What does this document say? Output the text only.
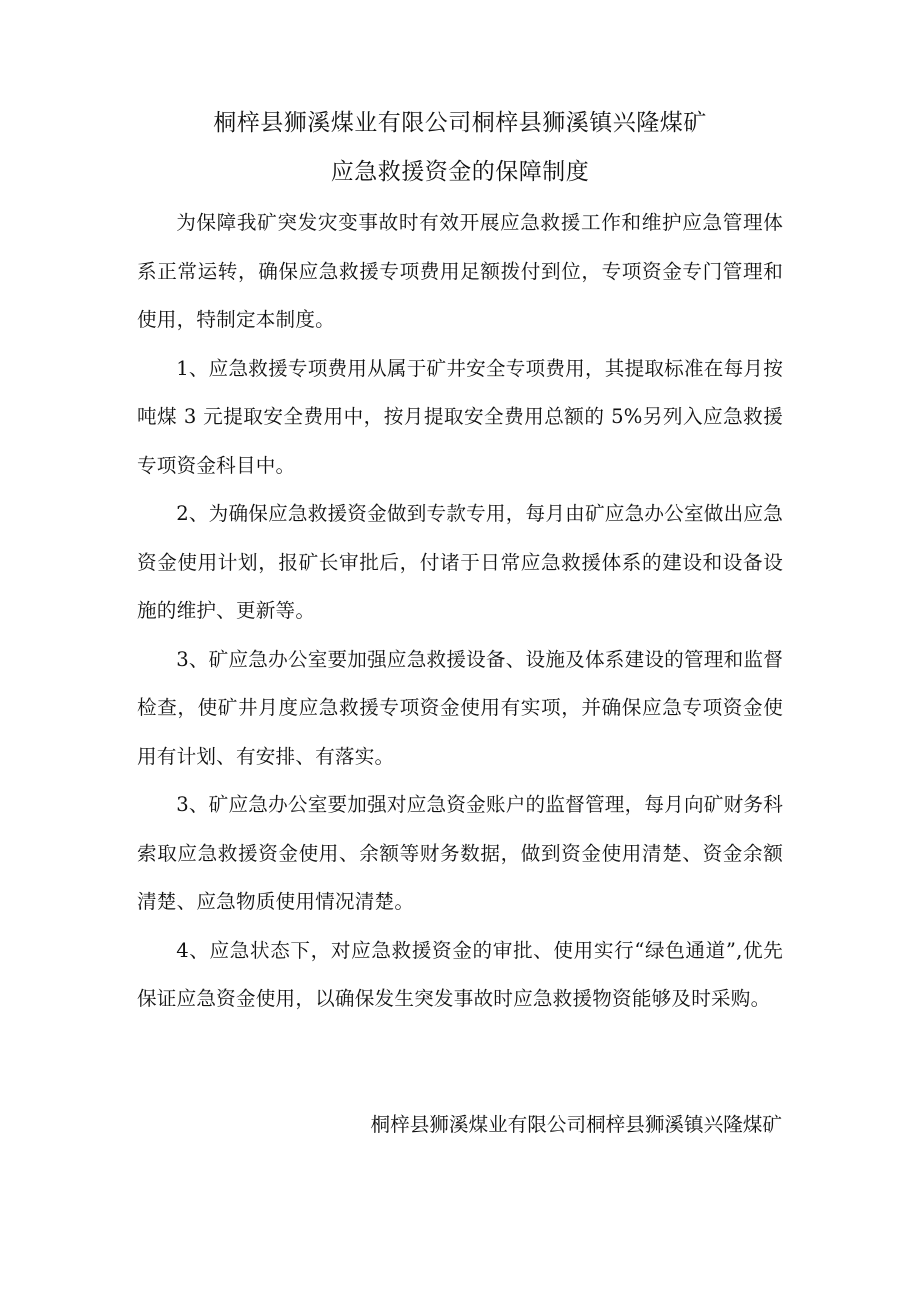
桐梓县狮溪煤业有限公司桐梓县狮溪镇兴隆煤矿
应急救援资金的保障制度

为保障我矿突发灾变事故时有效开展应急救援工作和维护应急管理体系正常运转，确保应急救援专项费用足额拨付到位，专项资金专门管理和使用，特制定本制度。

1、应急救援专项费用从属于矿井安全专项费用，其提取标准在每月按吨煤 3 元提取安全费用中，按月提取安全费用总额的 5%另列入应急救援专项资金科目中。

2、为确保应急救援资金做到专款专用，每月由矿应急办公室做出应急资金使用计划，报矿长审批后，付诸于日常应急救援体系的建设和设备设施的维护、更新等。

3、矿应急办公室要加强应急救援设备、设施及体系建设的管理和监督检查，使矿井月度应急救援专项资金使用有实项，并确保应急专项资金使用有计划、有安排、有落实。

3、矿应急办公室要加强对应急资金账户的监督管理，每月向矿财务科索取应急救援资金使用、余额等财务数据，做到资金使用清楚、资金余额清楚、应急物质使用情况清楚。

4、应急状态下，对应急救援资金的审批、使用实行“绿色通道”,优先保证应急资金使用，以确保发生突发事故时应急救援物资能够及时采购。

桐梓县狮溪煤业有限公司桐梓县狮溪镇兴隆煤矿
